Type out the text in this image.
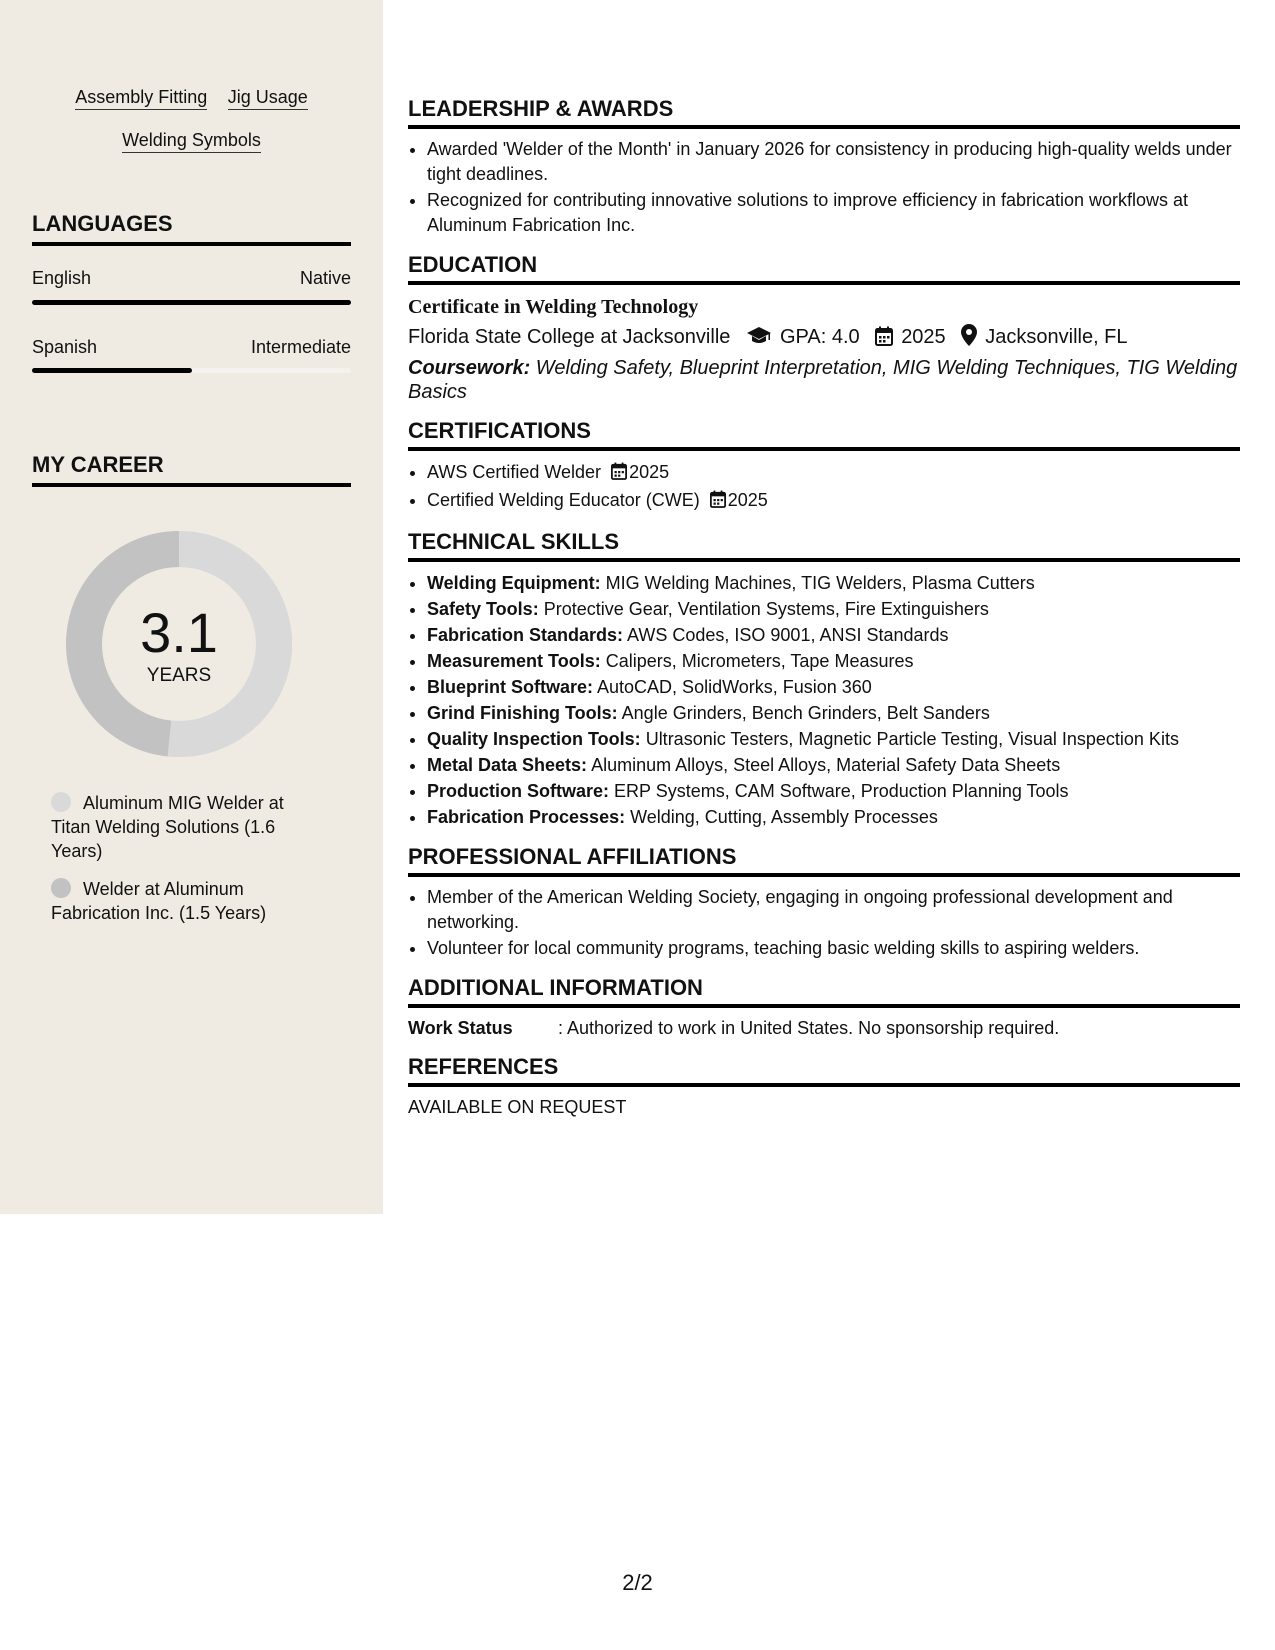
Assembly Fitting Jig Usage
Welding Symbols
LANGUAGES
English	Native
Spanish	Intermediate
MY CAREER
3.1
YEARS
Aluminum MIG Welder at Titan Welding Solutions (1.6 Years)
Welder at Aluminum Fabrication Inc. (1.5 Years)
LEADERSHIP & AWARDS
• Awarded 'Welder of the Month' in January 2026 for consistency in producing high-quality welds under tight deadlines.
• Recognized for contributing innovative solutions to improve efficiency in fabrication workflows at Aluminum Fabrication Inc.
EDUCATION
Certificate in Welding Technology
Florida State College at Jacksonville GPA: 4.0 2025 Jacksonville, FL
Coursework: Welding Safety, Blueprint Interpretation, MIG Welding Techniques, TIG Welding Basics
CERTIFICATIONS
• AWS Certified Welder 2025
• Certified Welding Educator (CWE) 2025
TECHNICAL SKILLS
• Welding Equipment: MIG Welding Machines, TIG Welders, Plasma Cutters
• Safety Tools: Protective Gear, Ventilation Systems, Fire Extinguishers
• Fabrication Standards: AWS Codes, ISO 9001, ANSI Standards
• Measurement Tools: Calipers, Micrometers, Tape Measures
• Blueprint Software: AutoCAD, SolidWorks, Fusion 360
• Grind Finishing Tools: Angle Grinders, Bench Grinders, Belt Sanders
• Quality Inspection Tools: Ultrasonic Testers, Magnetic Particle Testing, Visual Inspection Kits
• Metal Data Sheets: Aluminum Alloys, Steel Alloys, Material Safety Data Sheets
• Production Software: ERP Systems, CAM Software, Production Planning Tools
• Fabrication Processes: Welding, Cutting, Assembly Processes
PROFESSIONAL AFFILIATIONS
• Member of the American Welding Society, engaging in ongoing professional development and networking.
• Volunteer for local community programs, teaching basic welding skills to aspiring welders.
ADDITIONAL INFORMATION
Work Status	: Authorized to work in United States. No sponsorship required.
REFERENCES
AVAILABLE ON REQUEST
2/2
